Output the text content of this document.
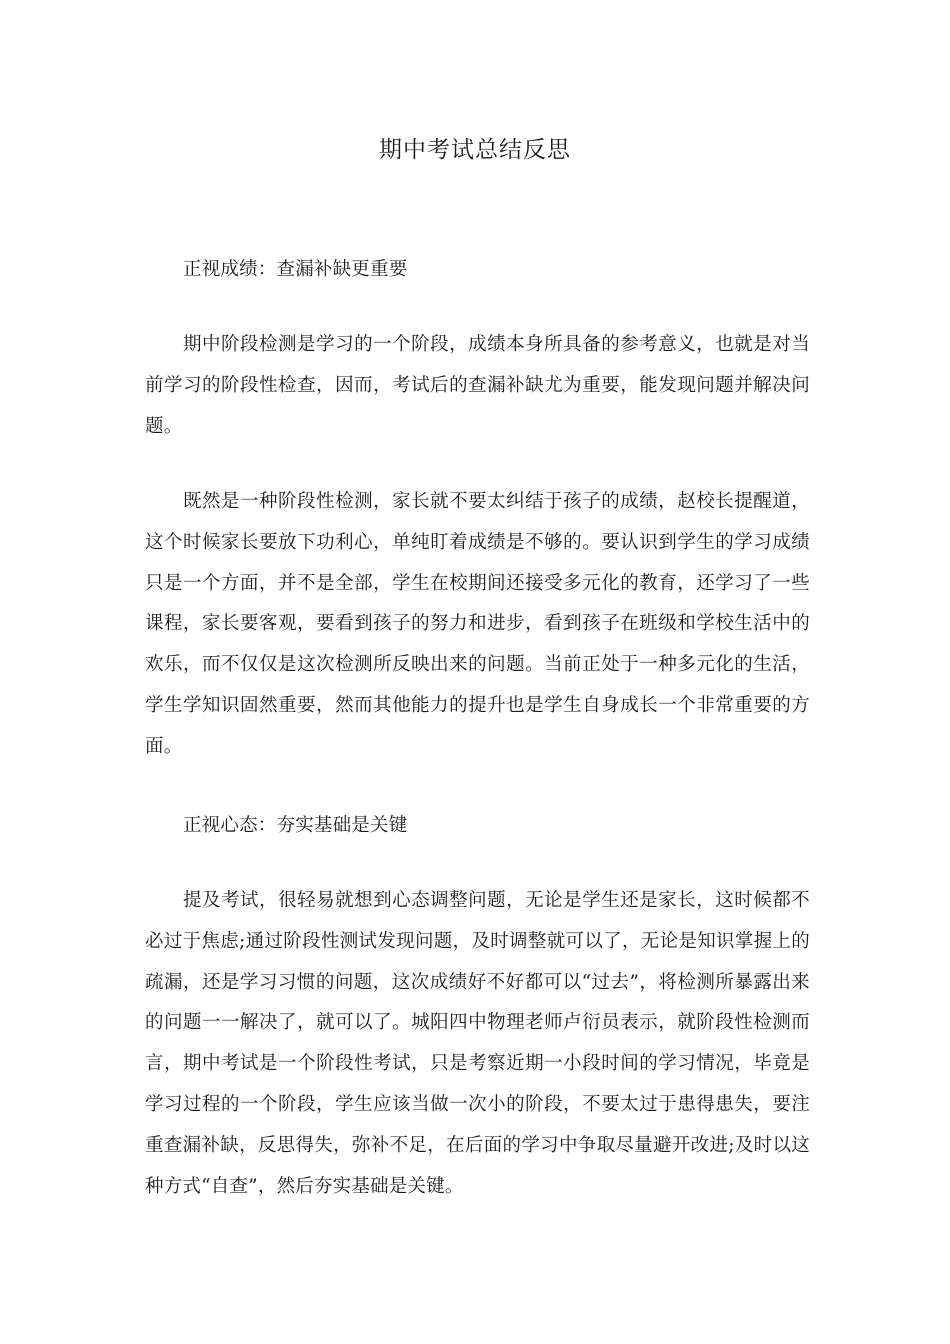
期中考试总结反思

正视成绩：查漏补缺更重要

期中阶段检测是学习的一个阶段，成绩本身所具备的参考意义，也就是对当前学习的阶段性检查，因而，考试后的查漏补缺尤为重要，能发现问题并解决问题。

既然是一种阶段性检测，家长就不要太纠结于孩子的成绩，赵校长提醒道，这个时候家长要放下功利心，单纯盯着成绩是不够的。要认识到学生的学习成绩只是一个方面，并不是全部，学生在校期间还接受多元化的教育，还学习了一些课程，家长要客观，要看到孩子的努力和进步，看到孩子在班级和学校生活中的欢乐，而不仅仅是这次检测所反映出来的问题。当前正处于一种多元化的生活，学生学知识固然重要，然而其他能力的提升也是学生自身成长一个非常重要的方面。

正视心态：夯实基础是关键

提及考试，很轻易就想到心态调整问题，无论是学生还是家长，这时候都不必过于焦虑;通过阶段性测试发现问题，及时调整就可以了，无论是知识掌握上的疏漏，还是学习习惯的问题，这次成绩好不好都可以“过去”，将检测所暴露出来的问题一一解决了，就可以了。城阳四中物理老师卢衍员表示，就阶段性检测而言，期中考试是一个阶段性考试，只是考察近期一小段时间的学习情况，毕竟是学习过程的一个阶段，学生应该当做一次小的阶段，不要太过于患得患失，要注重查漏补缺，反思得失，弥补不足，在后面的学习中争取尽量避开改进;及时以这种方式“自查”，然后夯实基础是关键。
